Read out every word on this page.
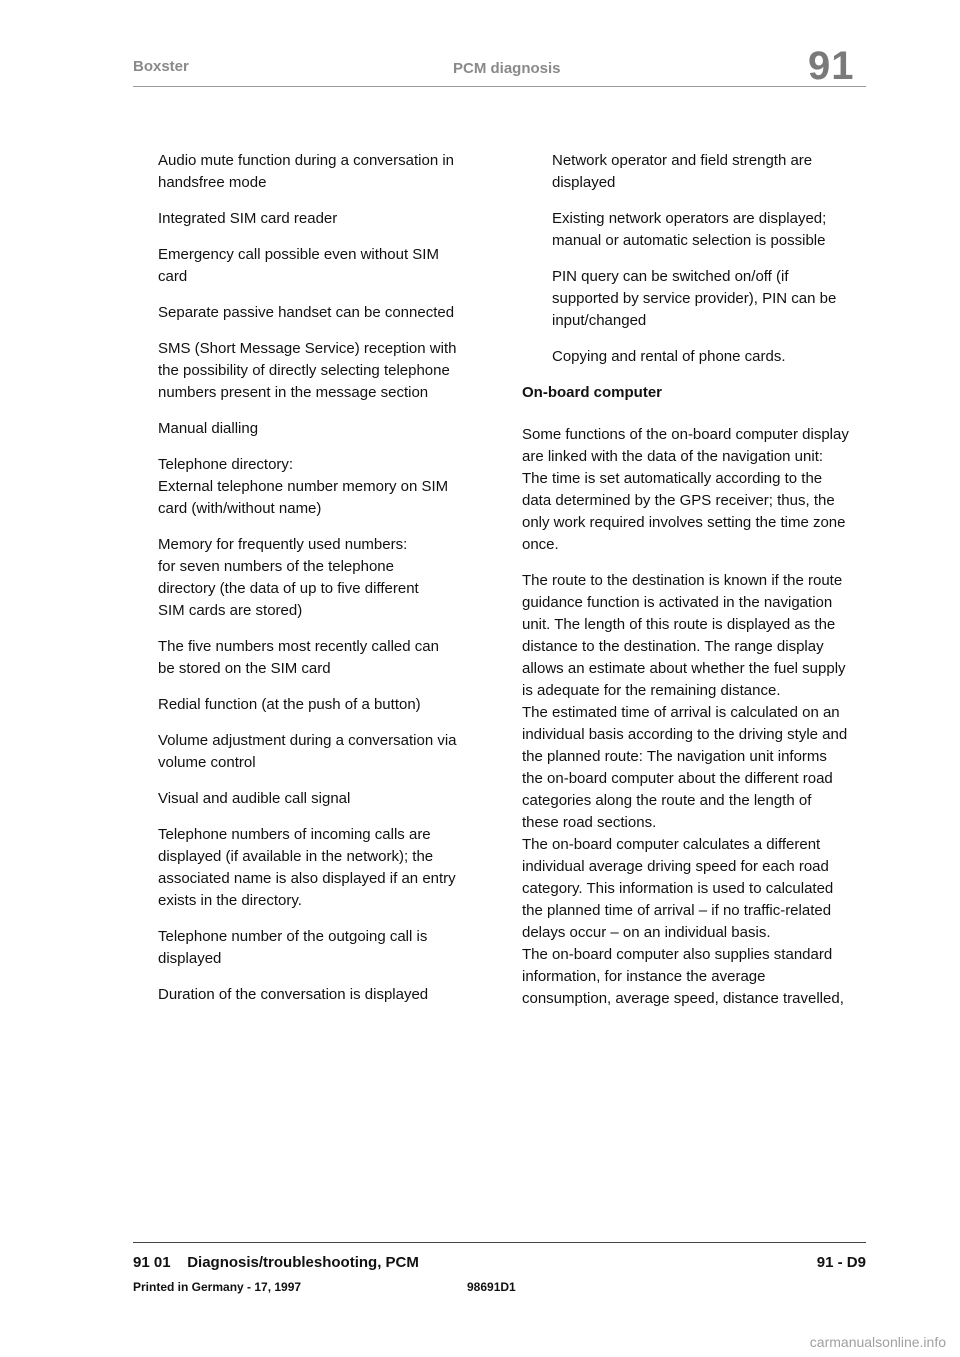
Boxster	PCM diagnosis	91

Audio mute function during a conversation in
handsfree mode

Integrated SIM card reader

Emergency call possible even without SIM
card

Separate passive handset can be connected

SMS (Short Message Service) reception with
the possibility of directly selecting telephone
numbers present in the message section

Manual dialling

Telephone directory:
External telephone number memory on SIM
card (with/without name)

Memory for frequently used numbers:
for seven numbers of the telephone
directory (the data of up to five different
SIM cards are stored)

The five numbers most recently called can
be stored on the SIM card

Redial function (at the push of a button)

Volume adjustment during a conversation via
volume control

Visual and audible call signal

Telephone numbers of incoming calls are
displayed (if available in the network); the
associated name is also displayed if an entry
exists in the directory.

Telephone number of the outgoing call is
displayed

Duration of the conversation is displayed

Network operator and field strength are
displayed

Existing network operators are displayed;
manual or automatic selection is possible

PIN query can be switched on/off (if
supported by service provider), PIN can be
input/changed

Copying and rental of phone cards.

On-board computer

Some functions of the on-board computer display
are linked with the data of the navigation unit:
The time is set automatically according to the
data determined by the GPS receiver; thus, the
only work required involves setting the time zone
once.

The route to the destination is known if the route
guidance function is activated in the navigation
unit. The length of this route is displayed as the
distance to the destination. The range display
allows an estimate about whether the fuel supply
is adequate for the remaining distance.
The estimated time of arrival is calculated on an
individual basis according to the driving style and
the planned route: The navigation unit informs
the on-board computer about the different road
categories along the route and the length of
these road sections.
The on-board computer calculates a different
individual average driving speed for each road
category. This information is used to calculated
the planned time of arrival – if no traffic-related
delays occur – on an individual basis.
The on-board computer also supplies standard
information, for instance the average
consumption, average speed, distance travelled,

91 01    Diagnosis/troubleshooting, PCM	91 - D9
Printed in Germany - 17, 1997	98691D1
carmanualsonline.info
